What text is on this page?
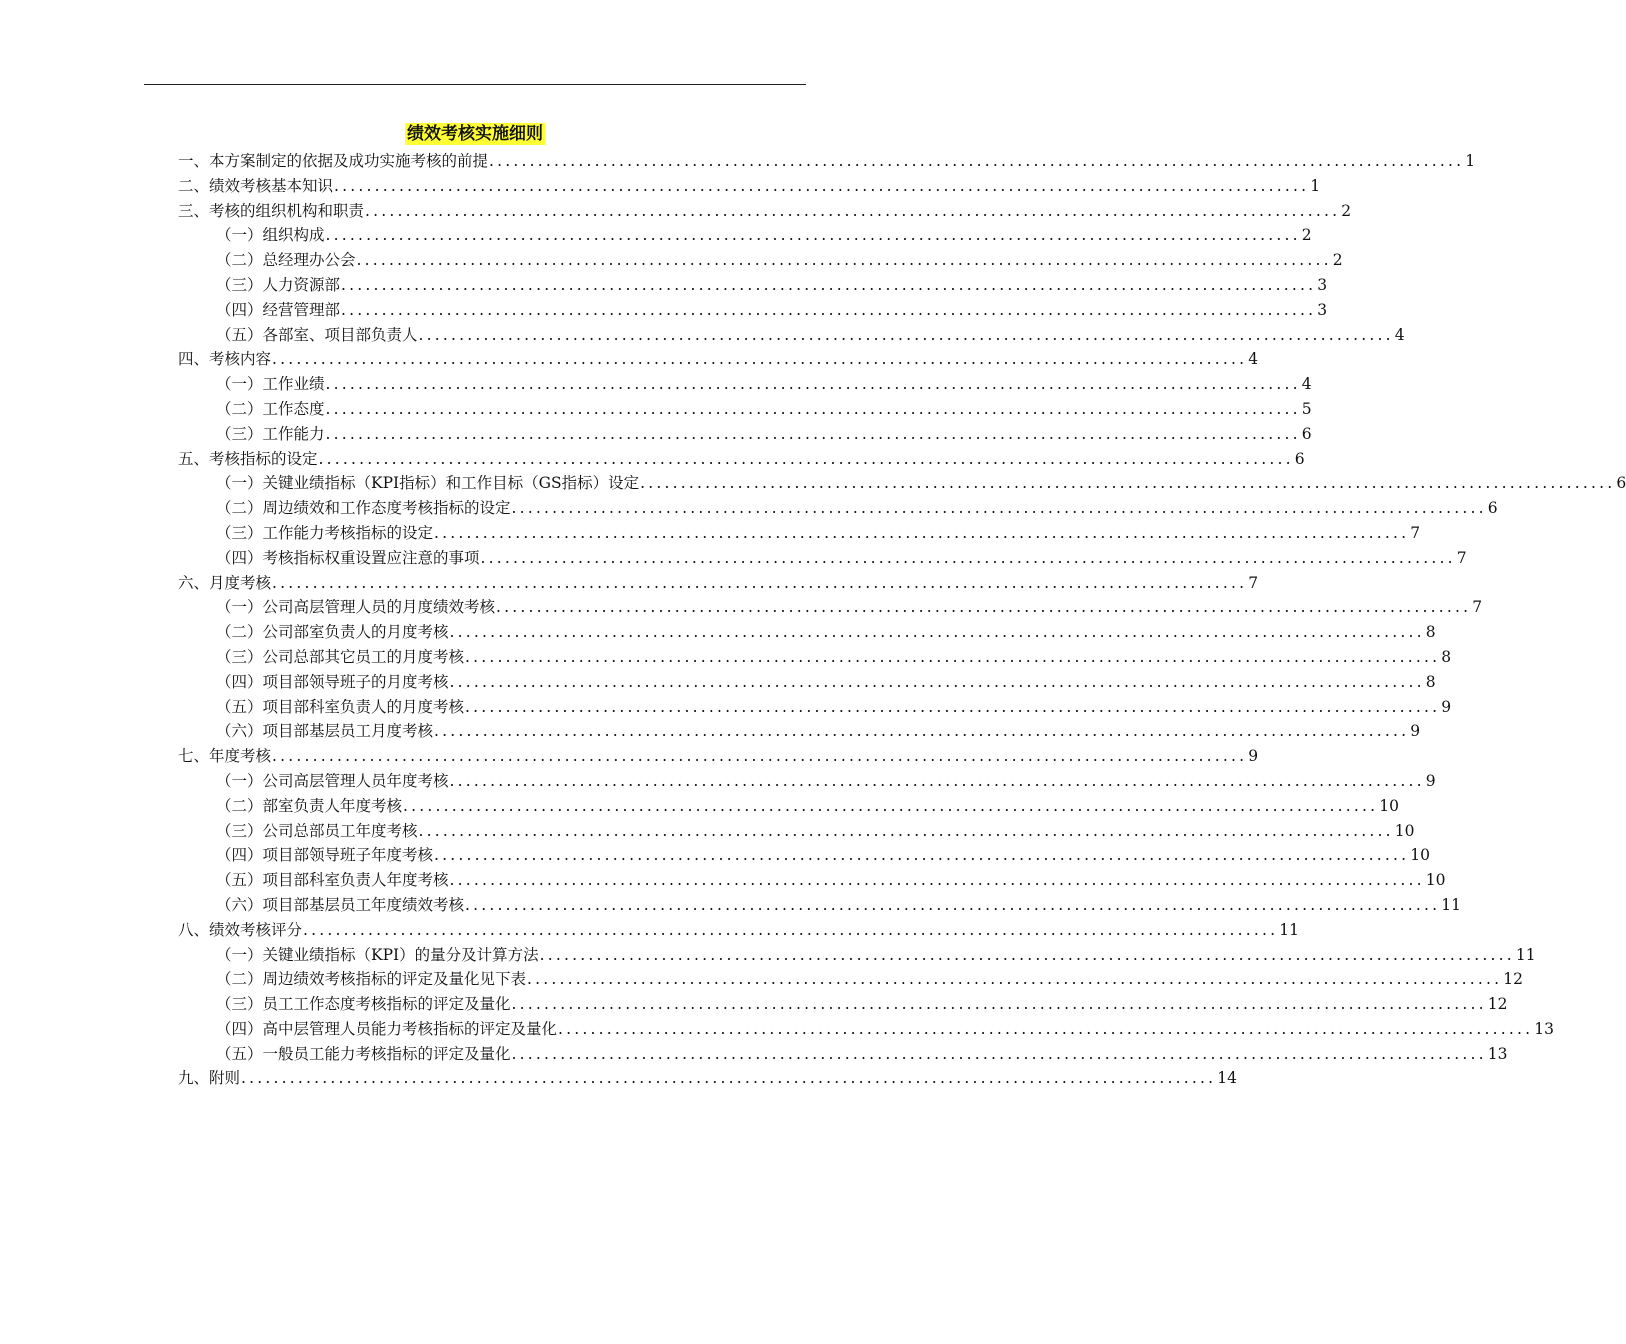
绩效考核实施细则
一、本方案制定的依据及成功实施考核的前提 ........................................................................................................................ 1
二、绩效考核基本知识 ........................................................................................................................ 1
三、考核的组织机构和职责 ........................................................................................................................ 2
（一）组织构成 ........................................................................................................................ 2
（二）总经理办公会 ........................................................................................................................ 2
（三）人力资源部 ........................................................................................................................ 3
（四）经营管理部 ........................................................................................................................ 3
（五）各部室、项目部负责人 ........................................................................................................................ 4
四、考核内容 ........................................................................................................................ 4
（一）工作业绩 ........................................................................................................................ 4
（二）工作态度 ........................................................................................................................ 5
（三）工作能力 ........................................................................................................................ 6
五、考核指标的设定 ........................................................................................................................ 6
（一）关键业绩指标（KPI指标）和工作目标（GS指标）设定 ........................................................................................................................ 6
（二）周边绩效和工作态度考核指标的设定 ........................................................................................................................ 6
（三）工作能力考核指标的设定 ........................................................................................................................ 7
（四）考核指标权重设置应注意的事项 ........................................................................................................................ 7
六、月度考核 ........................................................................................................................ 7
（一）公司高层管理人员的月度绩效考核 ........................................................................................................................ 7
（二）公司部室负责人的月度考核 ........................................................................................................................ 8
（三）公司总部其它员工的月度考核 ........................................................................................................................ 8
（四）项目部领导班子的月度考核 ........................................................................................................................ 8
（五）项目部科室负责人的月度考核 ........................................................................................................................ 9
（六）项目部基层员工月度考核 ........................................................................................................................ 9
七、年度考核 ........................................................................................................................ 9
（一）公司高层管理人员年度考核 ........................................................................................................................ 9
（二）部室负责人年度考核 ........................................................................................................................ 10
（三）公司总部员工年度考核 ........................................................................................................................ 10
（四）项目部领导班子年度考核 ........................................................................................................................ 10
（五）项目部科室负责人年度考核 ........................................................................................................................ 10
（六）项目部基层员工年度绩效考核 ........................................................................................................................ 11
八、绩效考核评分 ........................................................................................................................ 11
（一）关键业绩指标（KPI）的量分及计算方法 ........................................................................................................................ 11
（二）周边绩效考核指标的评定及量化见下表 ........................................................................................................................ 12
（三）员工工作态度考核指标的评定及量化 ........................................................................................................................ 12
（四）高中层管理人员能力考核指标的评定及量化 ........................................................................................................................ 13
（五）一般员工能力考核指标的评定及量化 ........................................................................................................................ 13
九、附则 ........................................................................................................................ 14
